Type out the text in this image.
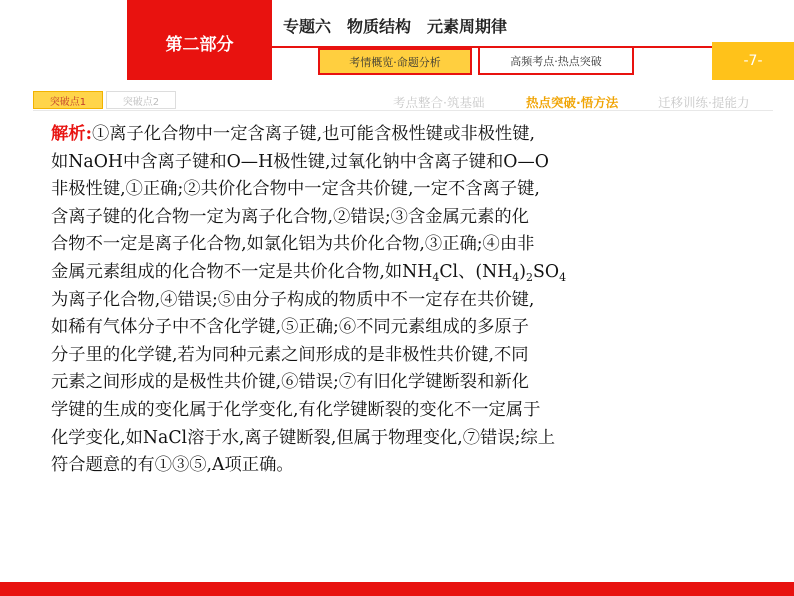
第二部分
专题六　物质结构　元素周期律
考情概览·命题分析	高频考点·热点突破	-7-
突破点1	突破点2	考点整合·筑基础	热点突破·悟方法	迁移训练·提能力

解析:①离子化合物中一定含离子键,也可能含极性键或非极性键,

如NaOH中含离子键和O—H极性键,过氧化钠中含离子键和O—O

非极性键,①正确;②共价化合物中一定含共价键,一定不含离子键,

含离子键的化合物一定为离子化合物,②错误;③含金属元素的化

合物不一定是离子化合物,如氯化铝为共价化合物,③正确;④由非

金属元素组成的化合物不一定是共价化合物,如$NH_4Cl$、$(NH_4)_2SO_4$

为离子化合物,④错误;⑤由分子构成的物质中不一定存在共价键,

如稀有气体分子中不含化学键,⑤正确;⑥不同元素组成的多原子

分子里的化学键,若为同种元素之间形成的是非极性共价键,不同

元素之间形成的是极性共价键,⑥错误;⑦有旧化学键断裂和新化

学键的生成的变化属于化学变化,有化学键断裂的变化不一定属于

化学变化,如NaCl溶于水,离子键断裂,但属于物理变化,⑦错误;综上

符合题意的有①③⑤,A项正确。
